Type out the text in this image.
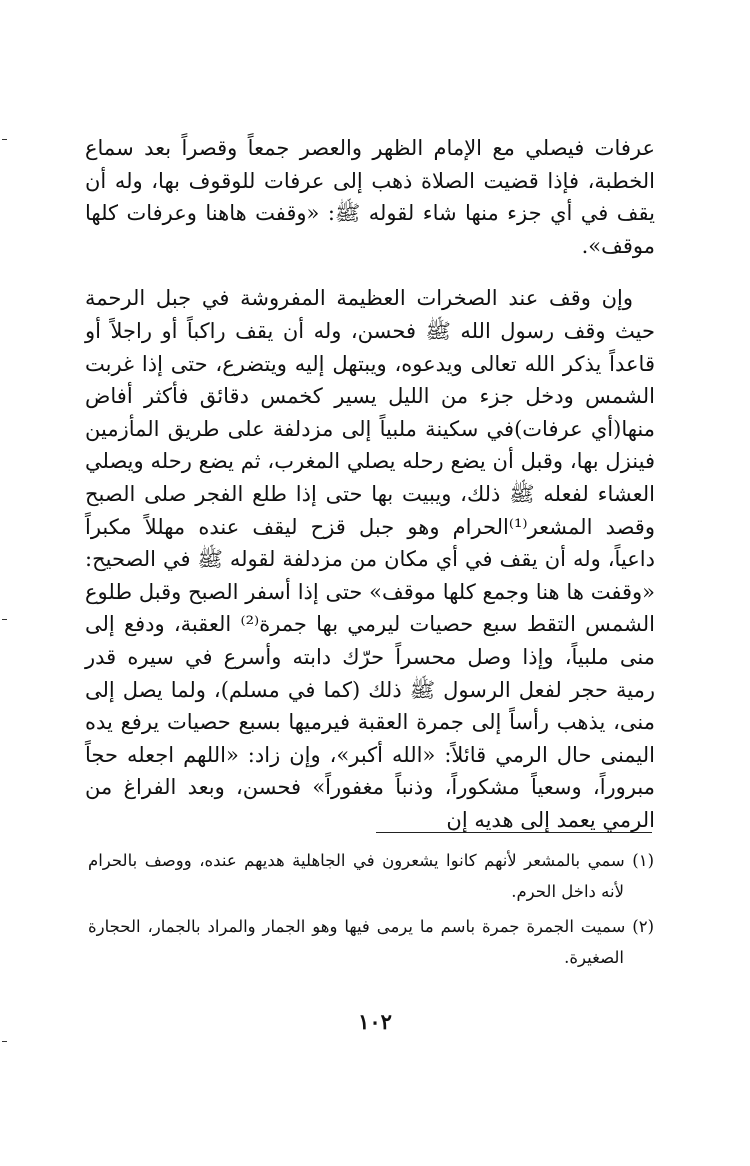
عرفات فيصلي مع الإمام الظهر والعصر جمعاً وقصراً بعد سماع الخطبة، فإذا قضيت الصلاة ذهب إلى عرفات للوقوف بها، وله أن يقف في أي جزء منها شاء لقوله ﷺ: «وقفت هاهنا وعرفات كلها موقف».

وإن وقف عند الصخرات العظيمة المفروشة في جبل الرحمة حيث وقف رسول الله ﷺ فحسن، وله أن يقف راكباً أو راجلاً أو قاعداً يذكر الله تعالى ويدعوه، ويبتهل إليه ويتضرع، حتى إذا غربت الشمس ودخل جزء من الليل يسير كخمس دقائق فأكثر أفاض منها(أي عرفات)في سكينة ملبياً إلى مزدلفة على طريق المأزمين فينزل بها، وقبل أن يضع رحله يصلي المغرب، ثم يضع رحله ويصلي العشاء لفعله ﷺ ذلك، ويبيت بها حتى إذا طلع الفجر صلى الصبح وقصد المشعر⁽¹⁾الحرام وهو جبل قزح ليقف عنده مهللاً مكبراً داعياً، وله أن يقف في أي مكان من مزدلفة لقوله ﷺ في الصحيح: «وقفت ها هنا وجمع كلها موقف» حتى إذا أسفر الصبح وقبل طلوع الشمس التقط سبع حصيات ليرمي بها جمرة⁽²⁾ العقبة، ودفع إلى منى ملبياً، وإذا وصل محسراً حرّك دابته وأسرع في سيره قدر رمية حجر لفعل الرسول ﷺ ذلك (كما في مسلم)، ولما يصل إلى منى، يذهب رأساً إلى جمرة العقبة فيرميها بسبع حصيات يرفع يده اليمنى حال الرمي قائلاً: «الله أكبر»، وإن زاد: «اللهم اجعله حجاً مبروراً، وسعياً مشكوراً، وذنباً مغفوراً» فحسن، وبعد الفراغ من الرمي يعمد إلى هديه إن

(١) سمي بالمشعر لأنهم كانوا يشعرون في الجاهلية هديهم عنده، ووصف بالحرام لأنه داخل الحرم.

(٢) سميت الجمرة جمرة باسم ما يرمى فيها وهو الجمار والمراد بالجمار، الحجارة الصغيرة.

١٠٢
